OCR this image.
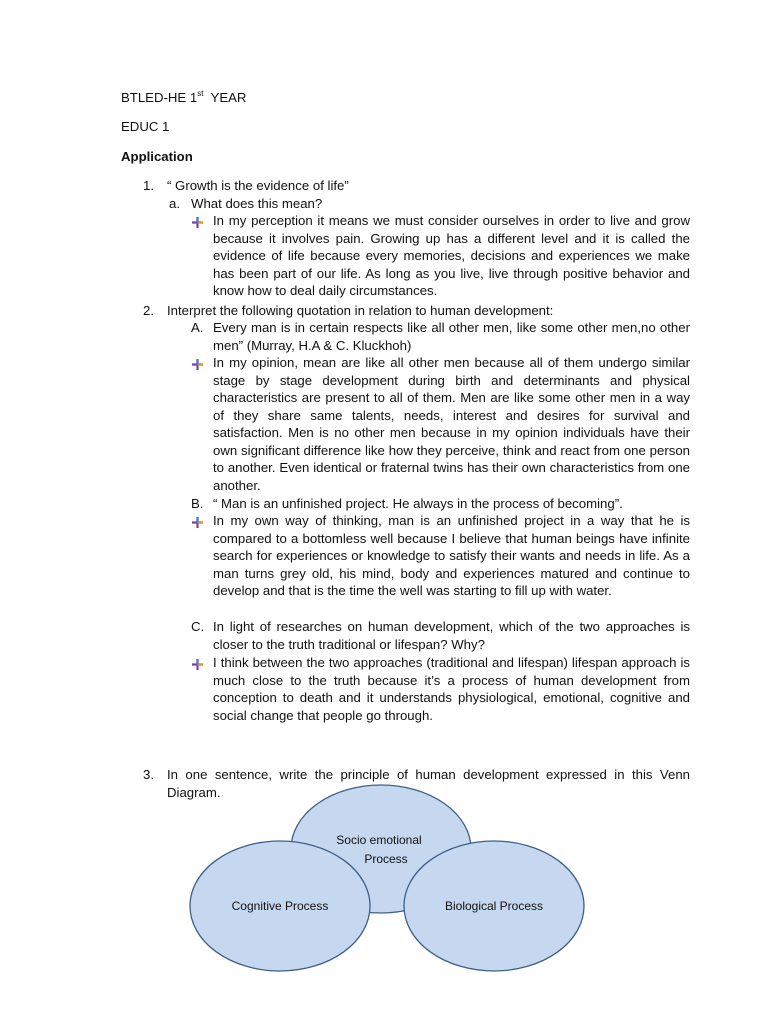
BTLED-HE 1st YEAR
EDUC 1
Application
1. “ Growth is the evidence of life”
a. What does this mean?

In my perception it means we must consider ourselves in order to live and grow because it involves pain. Growing up has a different level and it is called the evidence of life because every memories, decisions and experiences we make has been part of our life. As long as you live, live through positive behavior and know how to deal daily circumstances.

2. Interpret the following quotation in relation to human development:
A. Every man is in certain respects like all other men, like some other men,no other men” (Murray, H.A & C. Kluckhoh)

In my opinion, mean are like all other men because all of them undergo similar stage by stage development during birth and determinants and physical characteristics are present to all of them. Men are like some other men in a way of they share same talents, needs, interest and desires for survival and satisfaction. Men is no other men because in my opinion individuals have their own significant difference like how they perceive, think and react from one person to another. Even identical or fraternal twins has their own characteristics from one another.

B. “ Man is an unfinished project. He always in the process of becoming”.

In my own way of thinking, man is an unfinished project in a way that he is compared to a bottomless well because I believe that human beings have infinite search for experiences or knowledge to satisfy their wants and needs in life. As a man turns grey old, his mind, body and experiences matured and continue to develop and that is the time the well was starting to fill up with water.

C. In light of researches on human development, which of the two approaches is closer to the truth traditional or lifespan? Why?

I think between the two approaches (traditional and lifespan) lifespan approach is much close to the truth because it’s a process of human development from conception to death and it understands physiological, emotional, cognitive and social change that people go through.

3. In one sentence, write the principle of human development expressed in this Venn Diagram.

Socio emotional
Process
Cognitive Process	Biological Process
